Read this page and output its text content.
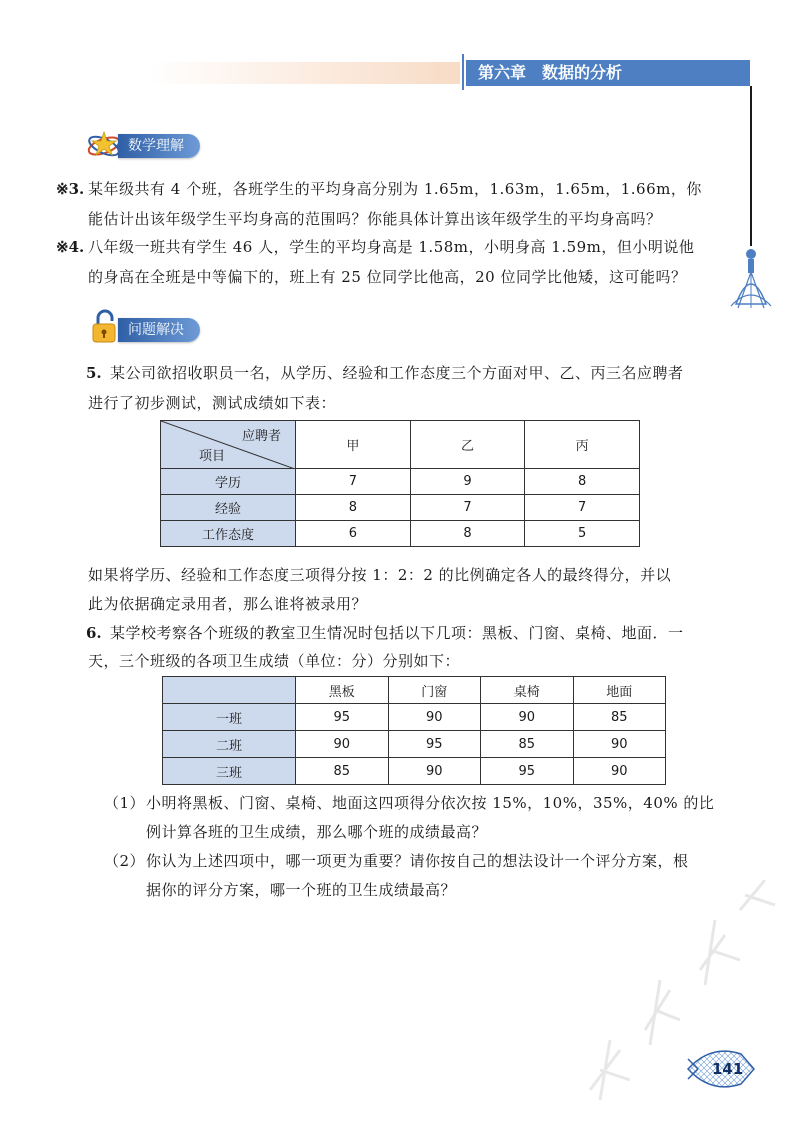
第六章　数据的分析
数学理解
※3. 某年级共有 4 个班，各班学生的平均身高分别为 1.65m，1.63m，1.65m，1.66m，你
能估计出该年级学生平均身高的范围吗？你能具体计算出该年级学生的平均身高吗？
※4. 八年级一班共有学生 46 人，学生的平均身高是 1.58m，小明身高 1.59m，但小明说他
的身高在全班是中等偏下的，班上有 25 位同学比他高，20 位同学比他矮，这可能吗？
问题解决
5. 某公司欲招收职员一名，从学历、经验和工作态度三个方面对甲、乙、丙三名应聘者
进行了初步测试，测试成绩如下表：
应聘者
项目	甲	乙	丙
学历	7	9	8
经验	8	7	7
工作态度	6	8	5
如果将学历、经验和工作态度三项得分按 1：2：2 的比例确定各人的最终得分，并以
此为依据确定录用者，那么谁将被录用？
6. 某学校考察各个班级的教室卫生情况时包括以下几项：黑板、门窗、桌椅、地面．一
天，三个班级的各项卫生成绩（单位：分）分别如下：
	黑板	门窗	桌椅	地面
一班	95	90	90	85
二班	90	95	85	90
三班	85	90	95	90
（1） 小明将黑板、门窗、桌椅、地面这四项得分依次按 15%，10%，35%，40% 的比
例计算各班的卫生成绩，那么哪个班的成绩最高？
（2） 你认为上述四项中，哪一项更为重要？请你按自己的想法设计一个评分方案，根
据你的评分方案，哪一个班的卫生成绩最高？
141
